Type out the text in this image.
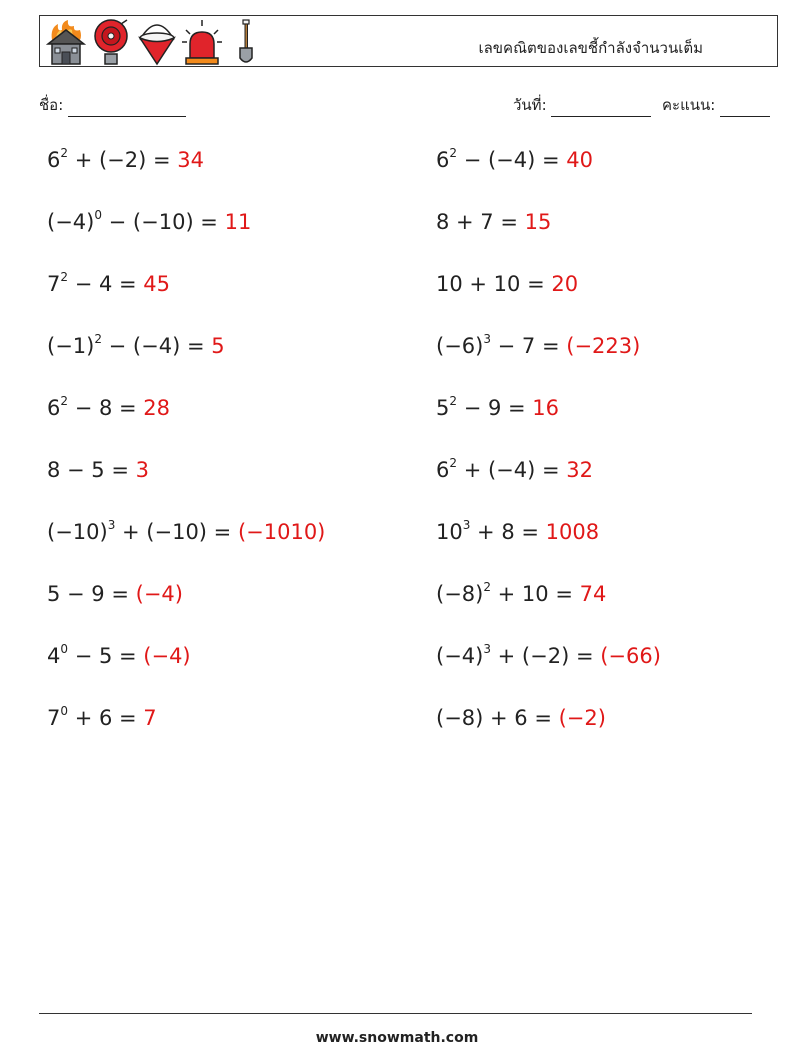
เลขคณิตของเลขชี้กำลังจำนวนเต็ม
ชื่อ:	วันที่:	คะแนน:
$6^2 + (-2) = 34$	$6^2 - (-4) = 40$
$(-4)^0 - (-10) = 11$	8 + 7 = 15
$7^2 - 4 = 45$	10 + 10 = 20
$(-1)^2 - (-4) = 5$	$(-6)^3 - 7 = (-223)$
$6^2 - 8 = 28$	$5^2 - 9 = 16$
8 − 5 = 3	$6^2 + (-4) = 32$
$(-10)^3 + (-10) = (-1010)$	$10^3 + 8 = 1008$
5 − 9 = (−4)	$(-8)^2 + 10 = 74$
$4^0 - 5 = (-4)$	$(-4)^3 + (-2) = (-66)$
$7^0 + 6 = 7$	(−8) + 6 = (−2)
www.snowmath.com
